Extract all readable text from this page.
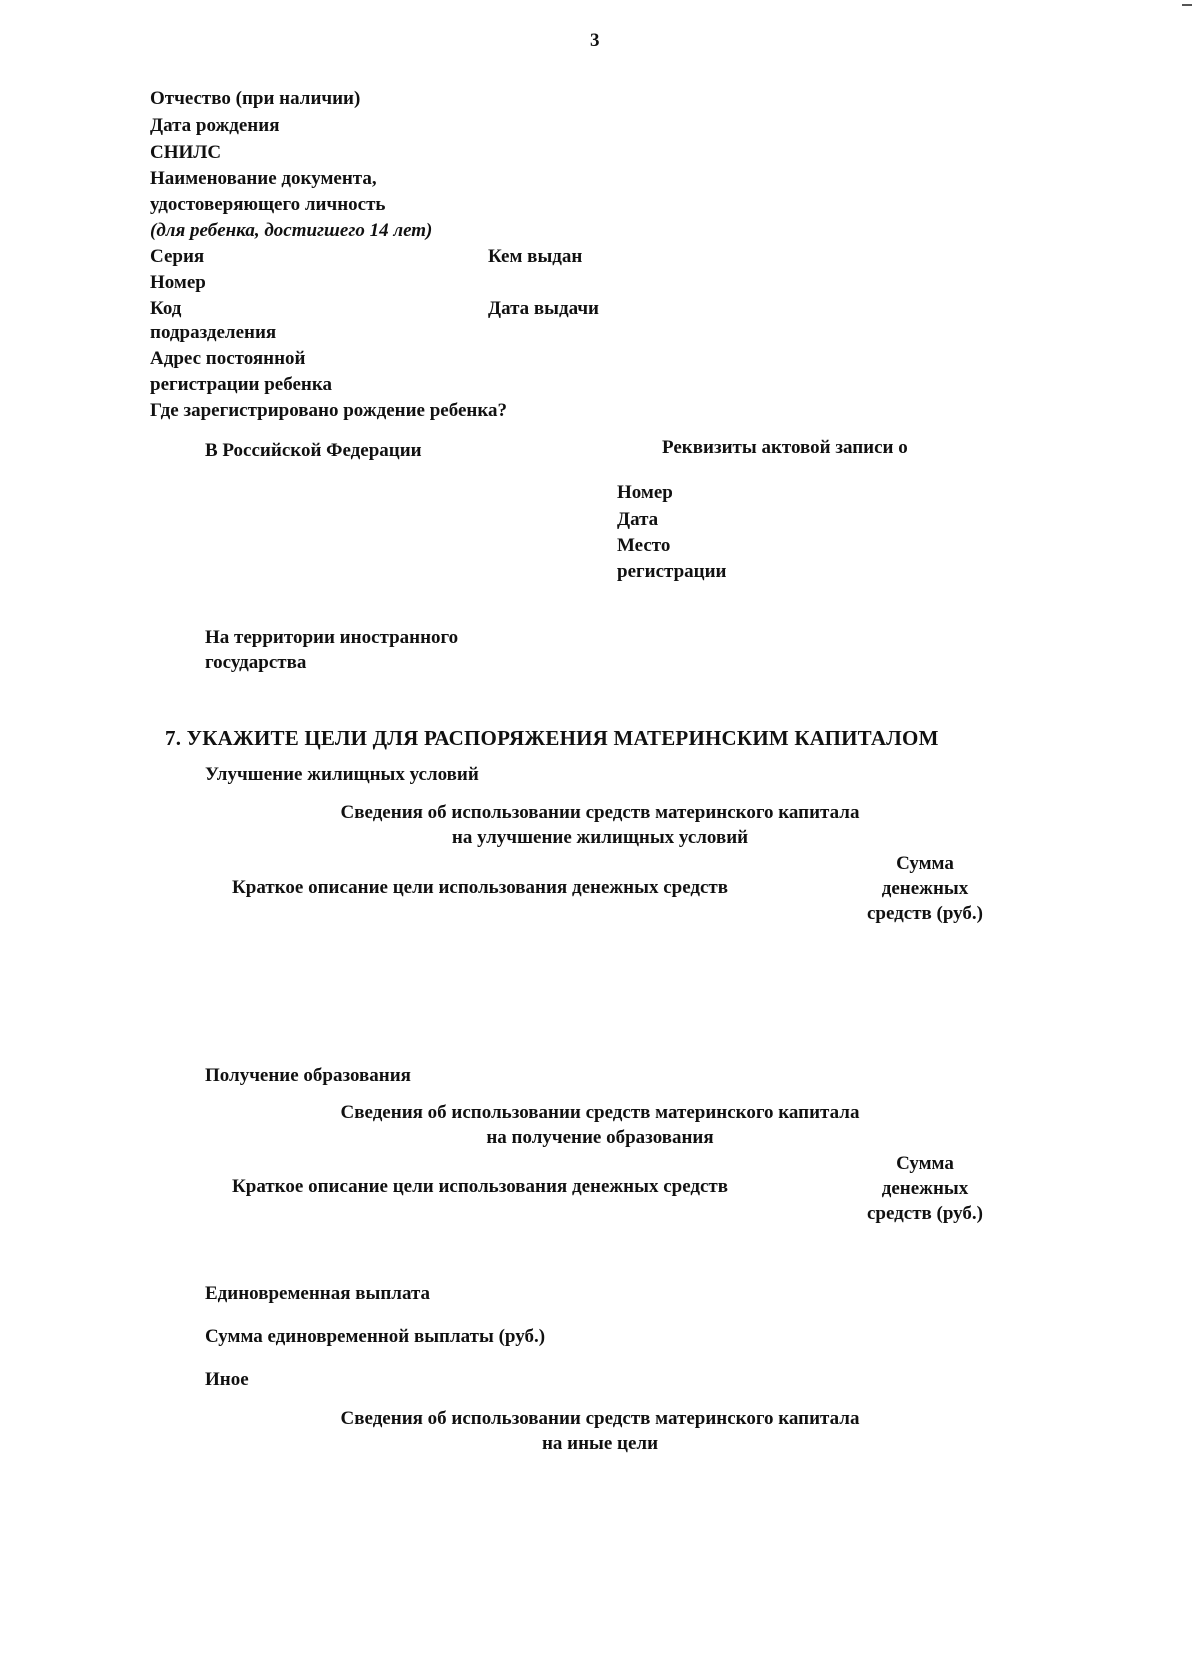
3
Отчество (при наличии)
Дата рождения
СНИЛС
Наименование документа,
удостоверяющего личность
(для ребенка, достигшего 14 лет)
Серия	Кем выдан
Номер
Код	Дата выдачи
подразделения
Адрес постоянной
регистрации ребенка
Где зарегистрировано рождение ребенка?
В Российской Федерации	Реквизиты актовой записи о
Номер
Дата
Место
регистрации
На территории иностранного
государства
7. УКАЖИТЕ ЦЕЛИ ДЛЯ РАСПОРЯЖЕНИЯ МАТЕРИНСКИМ КАПИТАЛОМ
Улучшение жилищных условий
Сведения об использовании средств материнского капитала
на улучшение жилищных условий
Краткое описание цели использования денежных средств
Сумма
денежных
средств (руб.)
Получение образования
Сведения об использовании средств материнского капитала
на получение образования
Краткое описание цели использования денежных средств
Сумма
денежных
средств (руб.)
Единовременная выплата
Сумма единовременной выплаты (руб.)
Иное
Сведения об использовании средств материнского капитала
на иные цели
